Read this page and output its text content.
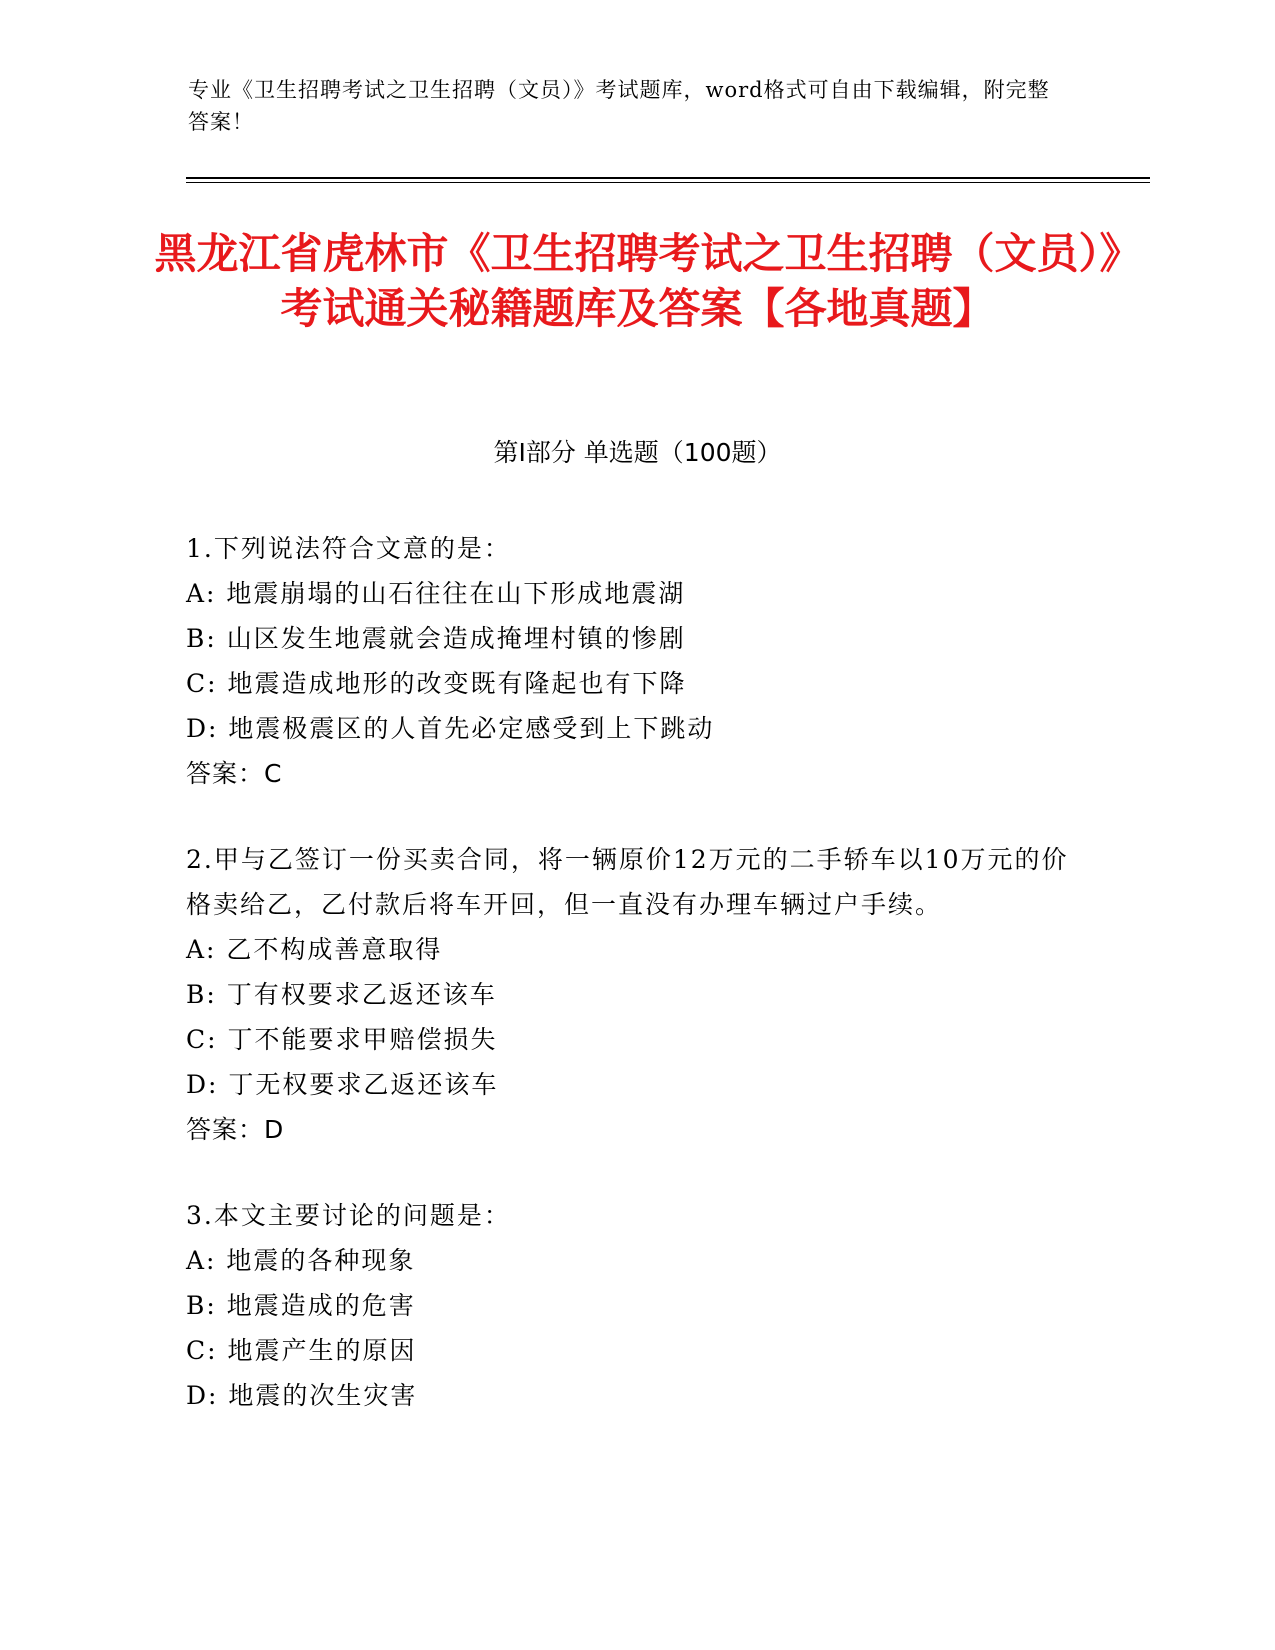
专业《卫生招聘考试之卫生招聘（文员）》考试题库，word格式可自由下载编辑，附完整答案！
黑龙江省虎林市《卫生招聘考试之卫生招聘（文员）》考试通关秘籍题库及答案【各地真题】
第I部分 单选题（100题）
1.下列说法符合文意的是：
A: 地震崩塌的山石往往在山下形成地震湖
B: 山区发生地震就会造成掩埋村镇的惨剧
C: 地震造成地形的改变既有隆起也有下降
D: 地震极震区的人首先必定感受到上下跳动
答案：C
2.甲与乙签订一份买卖合同，将一辆原价12万元的二手轿车以10万元的价格卖给乙，乙付款后将车开回，但一直没有办理车辆过户手续。
A: 乙不构成善意取得
B: 丁有权要求乙返还该车
C: 丁不能要求甲赔偿损失
D: 丁无权要求乙返还该车
答案：D
3.本文主要讨论的问题是：
A: 地震的各种现象
B: 地震造成的危害
C: 地震产生的原因
D: 地震的次生灾害
